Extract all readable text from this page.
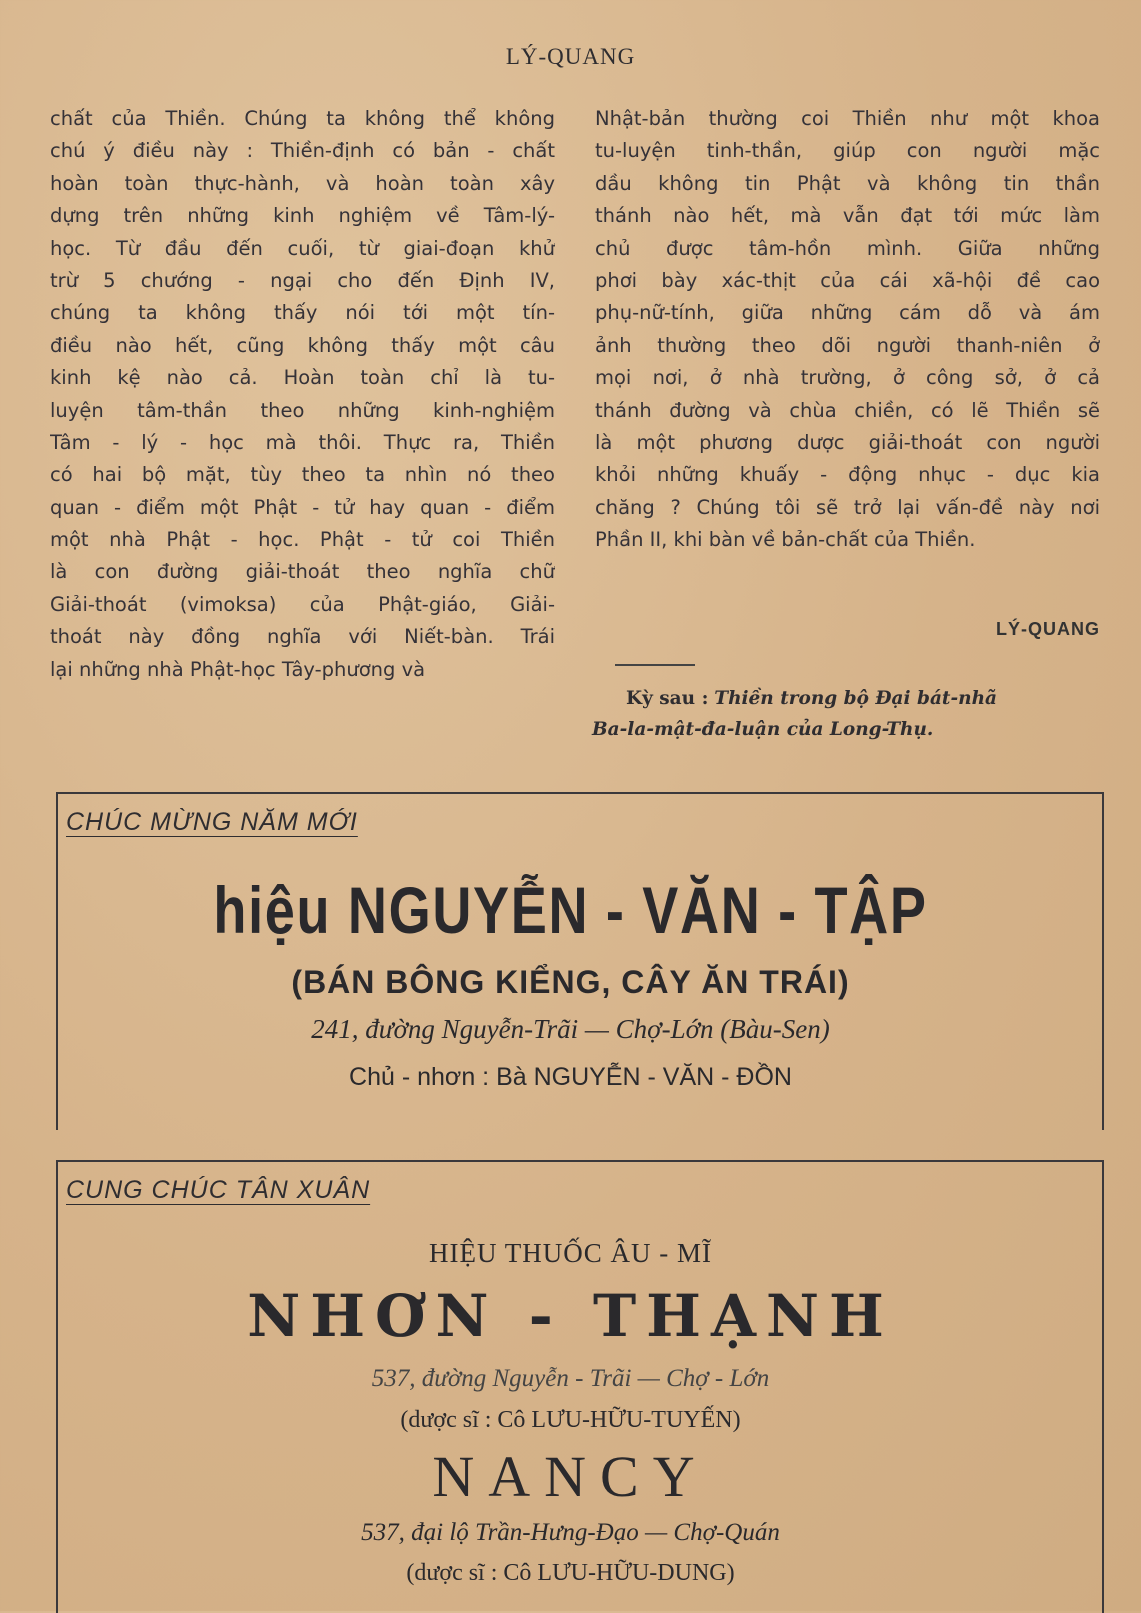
LÝ-QUANG
chất của Thiền. Chúng ta không thể không
chú ý điều này : Thiền-định có bản - chất
hoàn toàn thực-hành, và hoàn toàn xây
dựng trên những kinh nghiệm về Tâm-lý-
học. Từ đầu đến cuối, từ giai-đoạn khử
trừ 5 chướng - ngại cho đến Định IV,
chúng ta không thấy nói tới một tín-
điều nào hết, cũng không thấy một câu
kinh kệ nào cả. Hoàn toàn chỉ là tu-
luyện tâm-thần theo những kinh-nghiệm
Tâm - lý - học mà thôi. Thực ra, Thiền
có hai bộ mặt, tùy theo ta nhìn nó theo
quan - điểm một Phật - tử hay quan - điểm
một nhà Phật - học. Phật - tử coi Thiền
là con đường giải-thoát theo nghĩa chữ
Giải-thoát (vimoksa) của Phật-giáo, Giải-
thoát này đồng nghĩa với Niết-bàn. Trái
lại những nhà Phật-học Tây-phương và
Nhật-bản thường coi Thiền như một khoa
tu-luyện tinh-thần, giúp con người mặc
dầu không tin Phật và không tin thần
thánh nào hết, mà vẫn đạt tới mức làm
chủ được tâm-hồn mình. Giữa những
phơi bày xác-thịt của cái xã-hội đề cao
phụ-nữ-tính, giữa những cám dỗ và ám
ảnh thường theo dõi người thanh-niên ở
mọi nơi, ở nhà trường, ở công sở, ở cả
thánh đường và chùa chiền, có lẽ Thiền sẽ
là một phương dược giải-thoát con người
khỏi những khuấy - động nhục - dục kia
chăng ? Chúng tôi sẽ trở lại vấn-đề này nơi
Phần II, khi bàn về bản-chất của Thiền.
LÝ-QUANG
Kỳ sau : Thiền trong bộ Đại bát-nhã
Ba-la-mật-đa-luận của Long-Thụ.
CHÚC MỪNG NĂM MỚI
hiệu NGUYỄN - VĂN - TẬP
(BÁN BÔNG KIỂNG, CÂY ĂN TRÁI)
241, đường Nguyễn-Trãi — Chợ-Lớn (Bàu-Sen)
Chủ - nhơn : Bà NGUYỄN - VĂN - ĐỒN
CUNG CHÚC TÂN XUÂN
HIỆU THUỐC ÂU - MĨ
NHƠN - THẠNH
537, đường Nguyễn - Trãi — Chợ - Lớn
(dược sĩ : Cô LƯU-HỮU-TUYẾN)
NANCY
537, đại lộ Trần-Hưng-Đạo — Chợ-Quán
(dược sĩ : Cô LƯU-HỮU-DUNG)
